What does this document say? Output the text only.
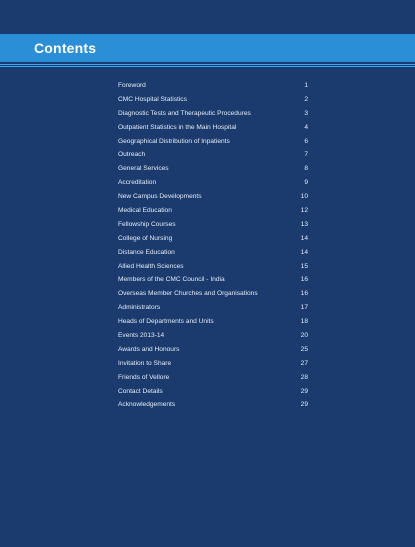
Contents
Foreword	1
CMC Hospital Statistics	2
Diagnostic Tests and Therapeutic Procedures	3
Outpatient Statistics in the Main Hospital	4
Geographical Distribution of Inpatients	6
Outreach	7
General Services	8
Accreditation	9
New Campus Developments	10
Medical Education	12
Fellowship Courses	13
College of Nursing	14
Distance Education	14
Allied Health Sciences	15
Members of the CMC Council - India	16
Overseas Member Churches and Organisations	16
Administrators	17
Heads of Departments and Units	18
Events 2013-14	20
Awards and Honours	25
Invitation to Share	27
Friends of Vellore	28
Contact Details	29
Acknowledgements	29
